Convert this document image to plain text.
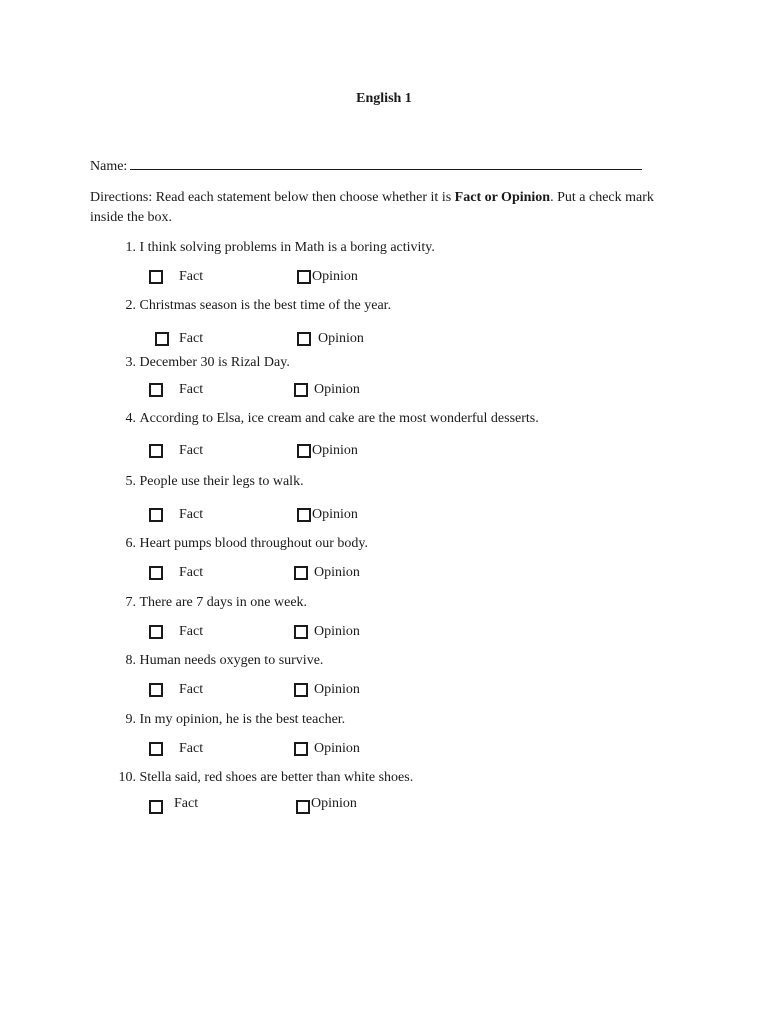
English 1
Name:
Directions: Read each statement below then choose whether it is Fact or Opinion. Put a check mark inside the box.
1. I think solving problems in Math is a boring activity.
Fact	Opinion
2. Christmas season is the best time of the year.
Fact	Opinion
3. December 30 is Rizal Day.
Fact	Opinion
4. According to Elsa, ice cream and cake are the most wonderful desserts.
Fact	Opinion
5. People use their legs to walk.
Fact	Opinion
6. Heart pumps blood throughout our body.
Fact	Opinion
7. There are 7 days in one week.
Fact	Opinion
8. Human needs oxygen to survive.
Fact	Opinion
9. In my opinion, he is the best teacher.
Fact	Opinion
10. Stella said, red shoes are better than white shoes.
Fact	Opinion
